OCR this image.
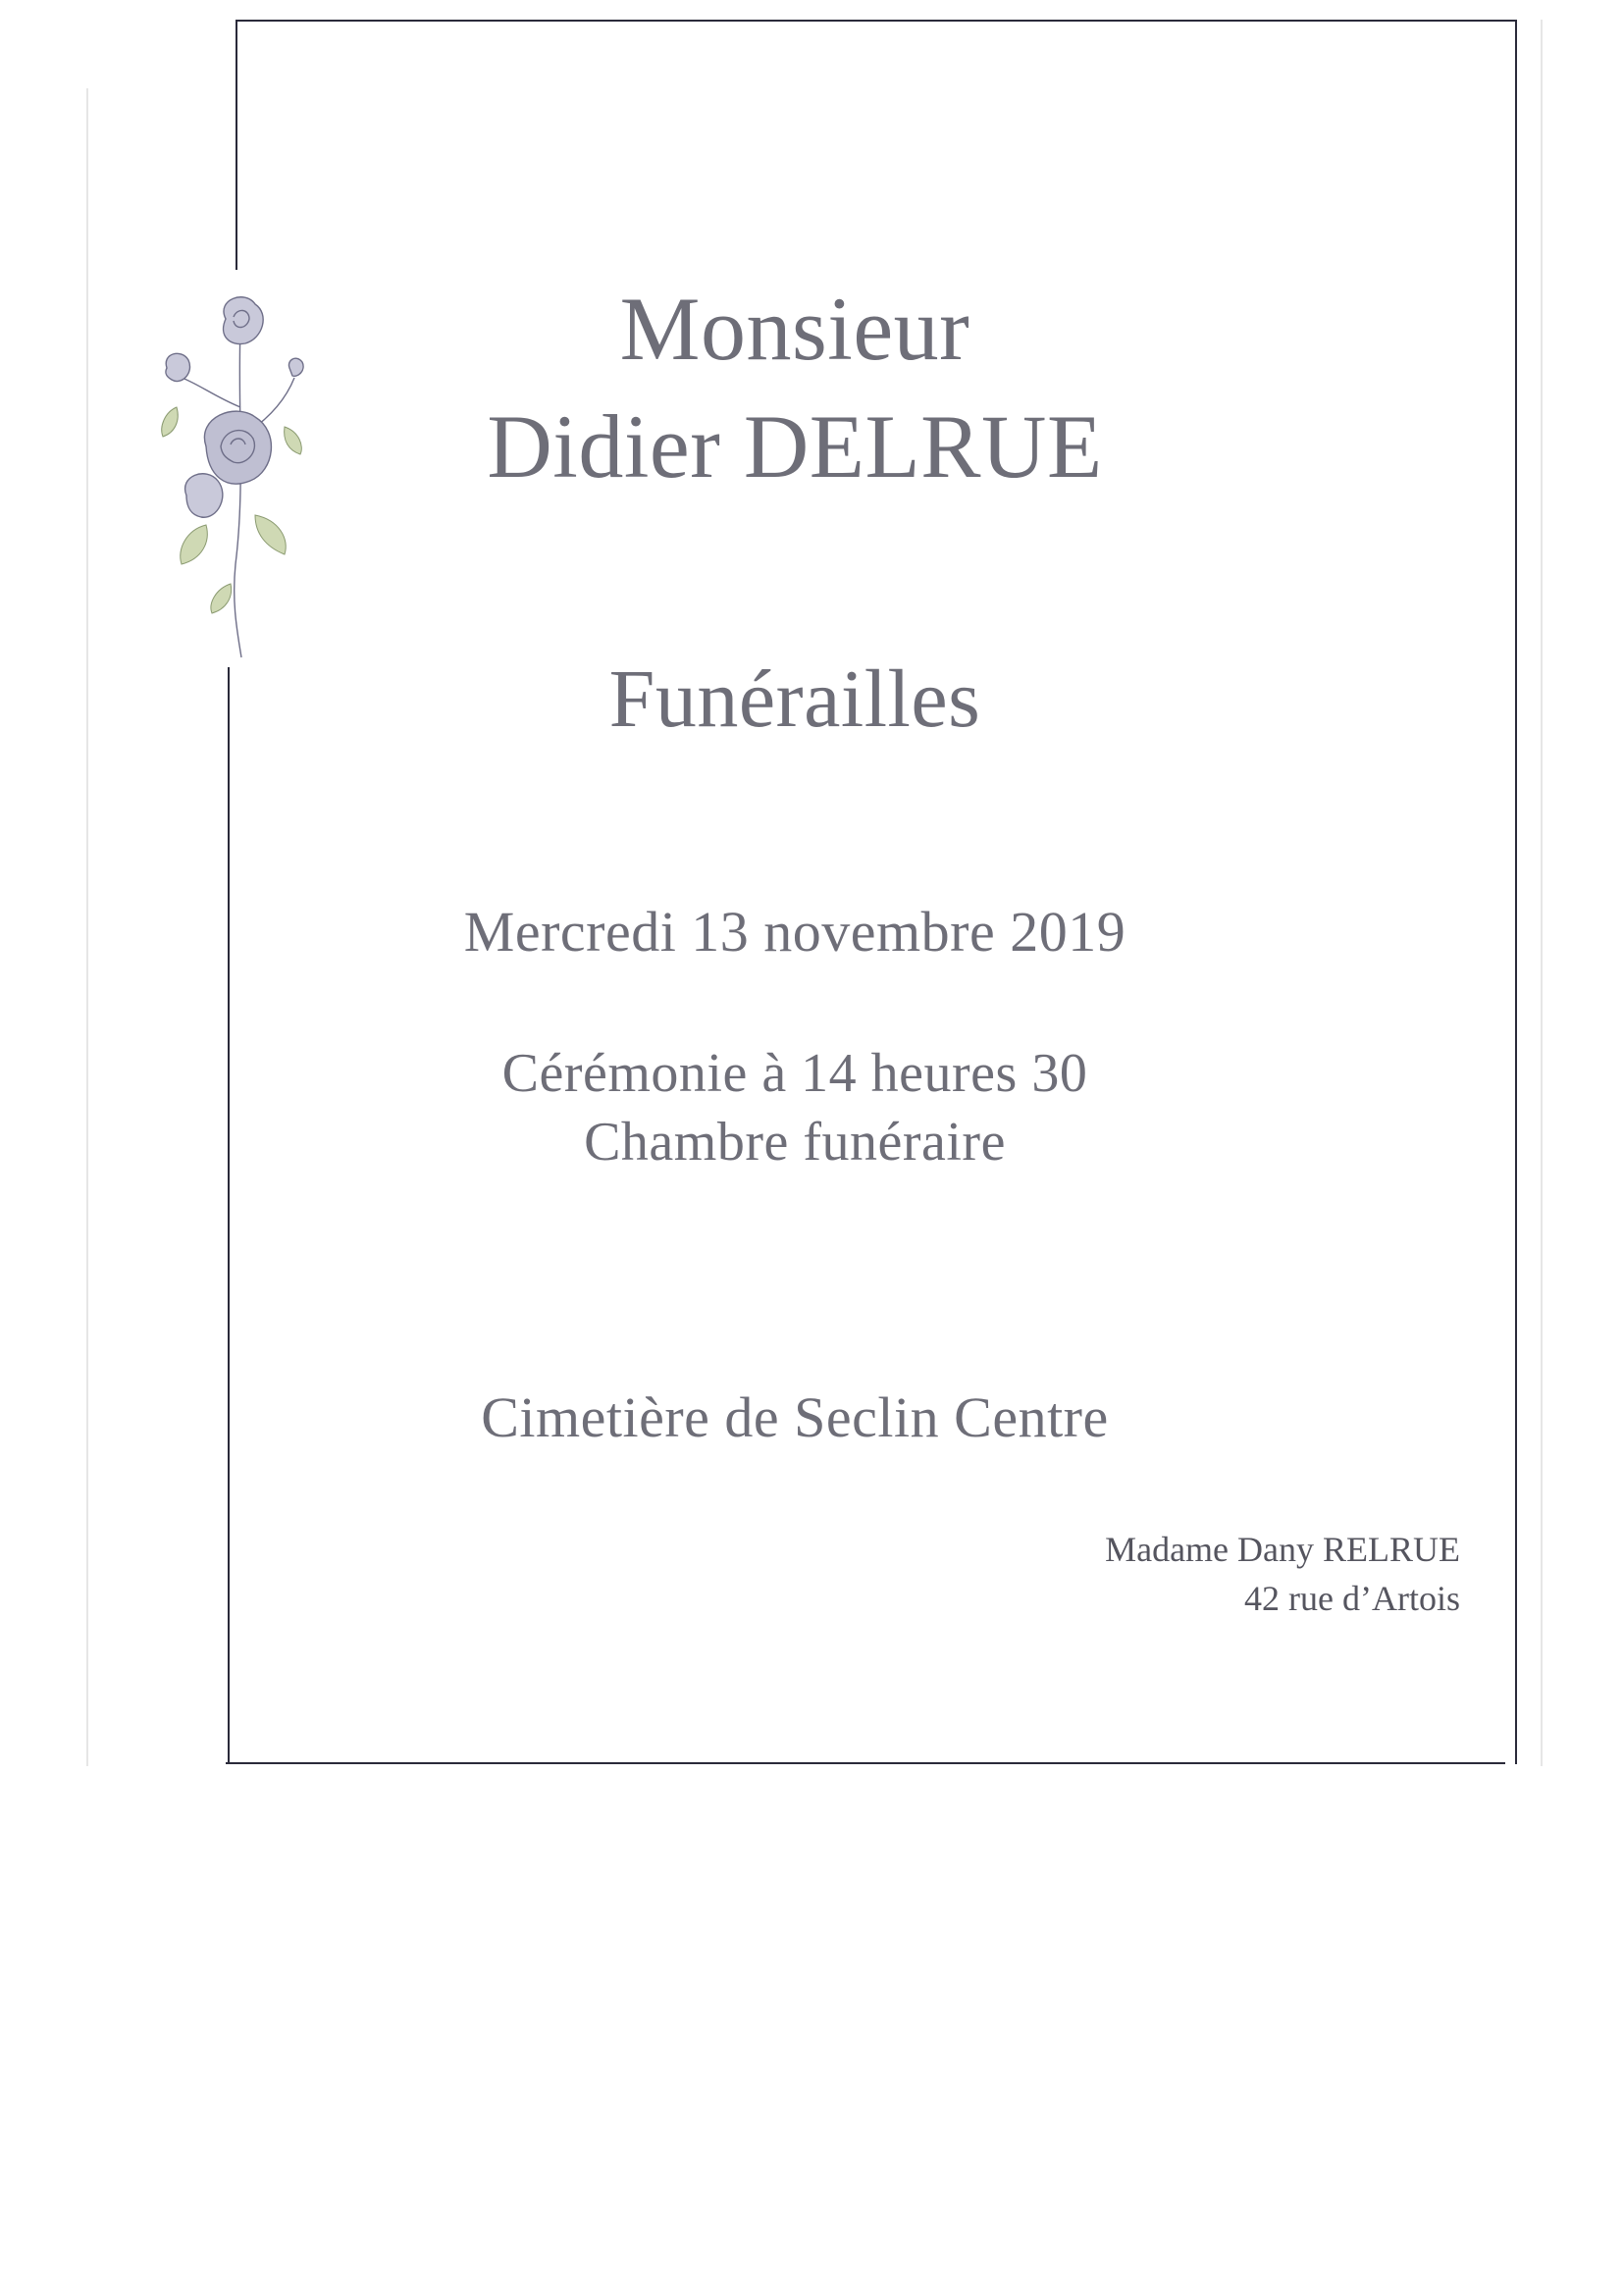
Monsieur
Didier DELRUE
Funérailles
Mercredi 13 novembre 2019
Cérémonie à 14 heures 30
Chambre funéraire
Cimetière de Seclin Centre
Madame Dany RELRUE
42 rue d’Artois
